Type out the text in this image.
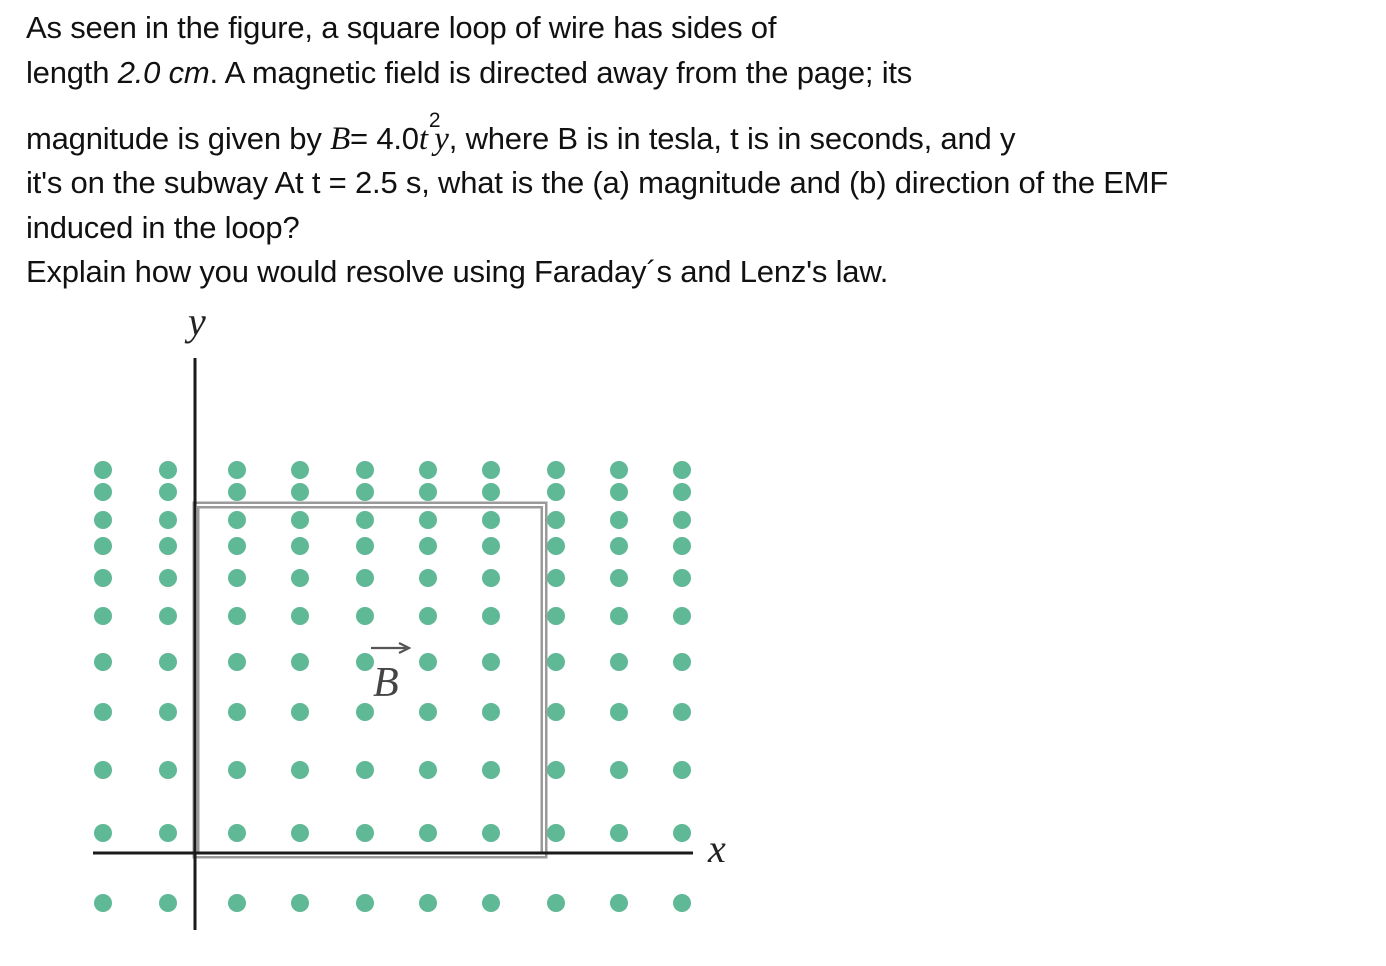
As seen in the figure, a square loop of wire has sides of
length 2.0 cm. A magnetic field is directed away from the page; its
magnitude is given by $B= 4.0t^2y$, where B is in tesla, t is in seconds, and y
it's on the subway At t = 2.5 s, what is the (a) magnitude and (b) direction of the EMF
induced in the loop?
Explain how you would resolve using Faraday´s and Lenz's law.
y
x
B
